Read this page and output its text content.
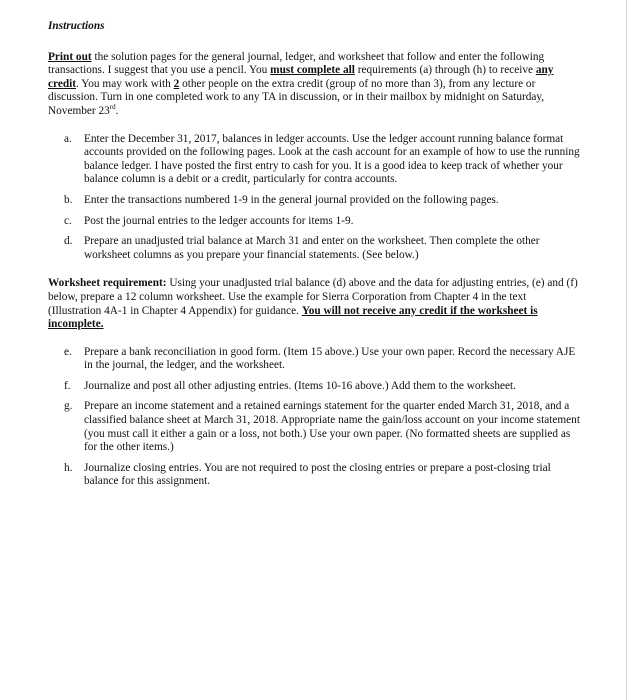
Instructions

Print out the solution pages for the general journal, ledger, and worksheet that follow and enter the following transactions. I suggest that you use a pencil. You must complete all requirements (a) through (h) to receive any credit. You may work with 2 other people on the extra credit (group of no more than 3), from any lecture or discussion. Turn in one completed work to any TA in discussion, or in their mailbox by midnight on Saturday, November 23rd.

a. Enter the December 31, 2017, balances in ledger accounts. Use the ledger account running balance format accounts provided on the following pages. Look at the cash account for an example of how to use the running balance ledger. I have posted the first entry to cash for you. It is a good idea to keep track of whether your balance column is a debit or a credit, particularly for contra accounts.
b. Enter the transactions numbered 1-9 in the general journal provided on the following pages.
c. Post the journal entries to the ledger accounts for items 1-9.
d. Prepare an unadjusted trial balance at March 31 and enter on the worksheet. Then complete the other worksheet columns as you prepare your financial statements. (See below.)

Worksheet requirement: Using your unadjusted trial balance (d) above and the data for adjusting entries, (e) and (f) below, prepare a 12 column worksheet. Use the example for Sierra Corporation from Chapter 4 in the text (Illustration 4A-1 in Chapter 4 Appendix) for guidance. You will not receive any credit if the worksheet is incomplete.

e. Prepare a bank reconciliation in good form. (Item 15 above.) Use your own paper. Record the necessary AJE in the journal, the ledger, and the worksheet.
f. Journalize and post all other adjusting entries. (Items 10-16 above.) Add them to the worksheet.
g. Prepare an income statement and a retained earnings statement for the quarter ended March 31, 2018, and a classified balance sheet at March 31, 2018. Appropriate name the gain/loss account on your income statement (you must call it either a gain or a loss, not both.) Use your own paper. (No formatted sheets are supplied as for the other items.)
h. Journalize closing entries. You are not required to post the closing entries or prepare a post-closing trial balance for this assignment.
